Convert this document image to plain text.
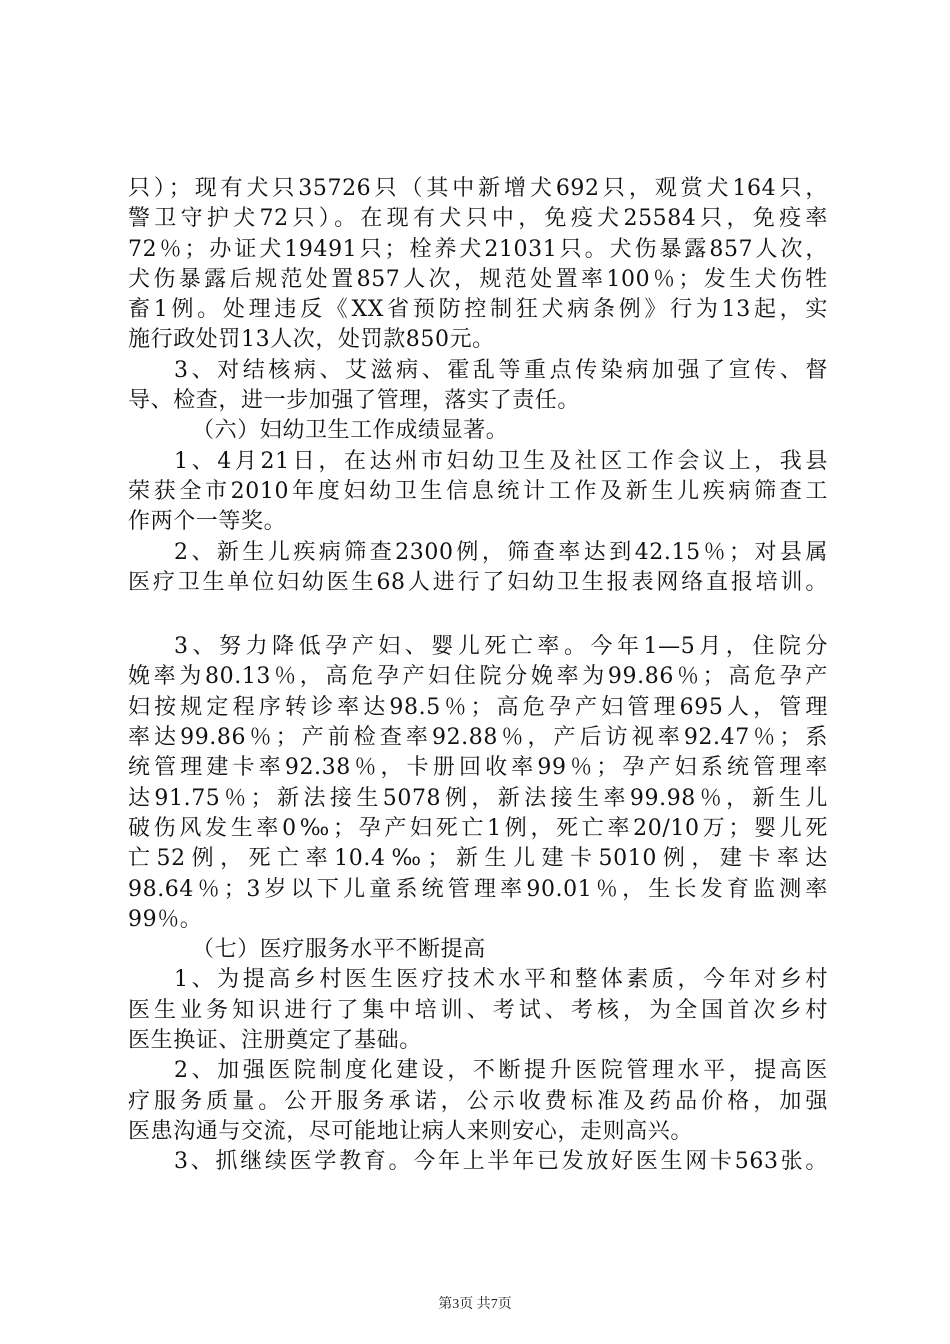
只）；现有犬只35726只（其中新增犬692只，观赏犬164只，
警卫守护犬72只）。在现有犬只中，免疫犬25584只，免疫率
72％；办证犬19491只；栓养犬21031只。犬伤暴露857人次，
犬伤暴露后规范处置857人次，规范处置率100％；发生犬伤牲
畜1例。处理违反《XX省预防控制狂犬病条例》行为13起，实
施行政处罚13人次，处罚款850元。
3、对结核病、艾滋病、霍乱等重点传染病加强了宣传、督
导、检查，进一步加强了管理，落实了责任。
（六）妇幼卫生工作成绩显著。
1、4月21日，在达州市妇幼卫生及社区工作会议上，我县
荣获全市2010年度妇幼卫生信息统计工作及新生儿疾病筛查工
作两个一等奖。
2、新生儿疾病筛查2300例，筛查率达到42.15％；对县属
医疗卫生单位妇幼医生68人进行了妇幼卫生报表网络直报培训。
3、努力降低孕产妇、婴儿死亡率。今年1—5月，住院分
娩率为80.13％，高危孕产妇住院分娩率为99.86％；高危孕产
妇按规定程序转诊率达98.5％；高危孕产妇管理695人，管理
率达99.86％；产前检查率92.88％，产后访视率92.47％；系
统管理建卡率92.38％，卡册回收率99％；孕产妇系统管理率
达91.75％；新法接生5078例，新法接生率99.98％，新生儿
破伤风发生率0‰；孕产妇死亡1例，死亡率20/10万；婴儿死
亡52例，死亡率10.4‰；新生儿建卡5010例，建卡率达
98.64％；3岁以下儿童系统管理率90.01％，生长发育监测率
99％。
（七）医疗服务水平不断提高
1、为提高乡村医生医疗技术水平和整体素质，今年对乡村
医生业务知识进行了集中培训、考试、考核，为全国首次乡村
医生换证、注册奠定了基础。
2、加强医院制度化建设，不断提升医院管理水平，提高医
疗服务质量。公开服务承诺，公示收费标准及药品价格，加强
医患沟通与交流，尽可能地让病人来则安心，走则高兴。
3、抓继续医学教育。今年上半年已发放好医生网卡563张。
第3页 共7页
